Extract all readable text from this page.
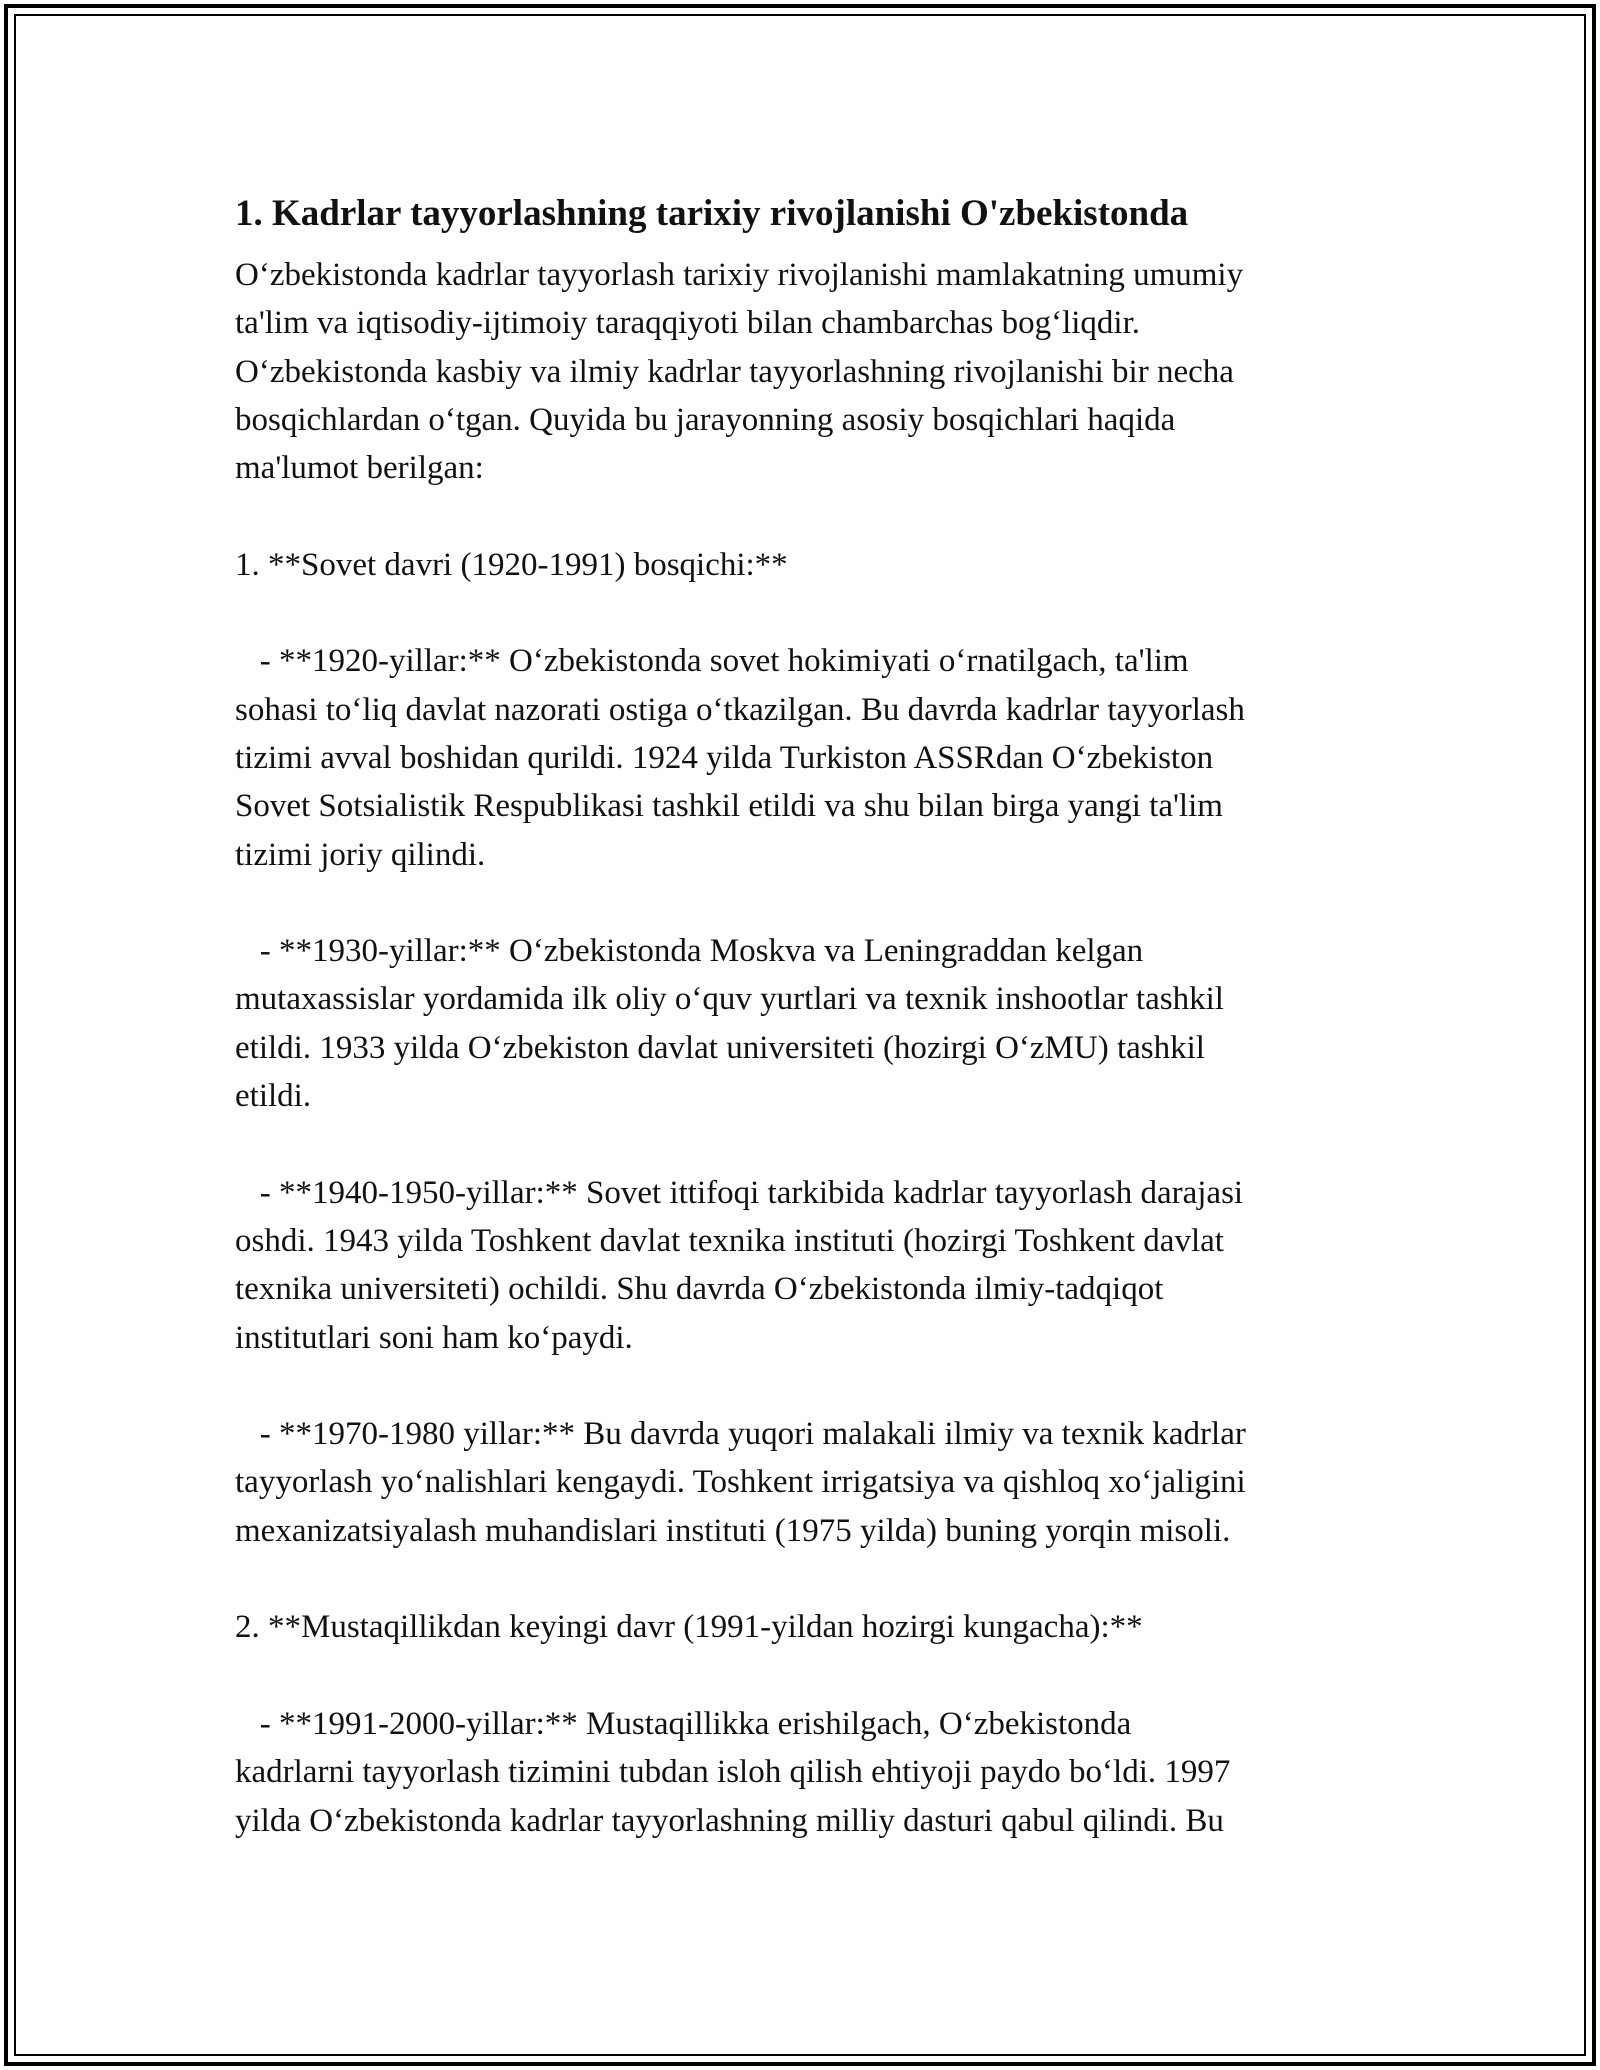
1. Kadrlar tayyorlashning tarixiy rivojlanishi O'zbekistonda

O‘zbekistonda kadrlar tayyorlash tarixiy rivojlanishi mamlakatning umumiy

ta'lim va iqtisodiy-ijtimoiy taraqqiyoti bilan chambarchas bog‘liqdir.

O‘zbekistonda kasbiy va ilmiy kadrlar tayyorlashning rivojlanishi bir necha

bosqichlardan o‘tgan. Quyida bu jarayonning asosiy bosqichlari haqida

ma'lumot berilgan:

1. **Sovet davri (1920-1991) bosqichi:**

- **1920-yillar:** O‘zbekistonda sovet hokimiyati o‘rnatilgach, ta'lim

sohasi to‘liq davlat nazorati ostiga o‘tkazilgan. Bu davrda kadrlar tayyorlash

tizimi avval boshidan qurildi. 1924 yilda Turkiston ASSRdan O‘zbekiston

Sovet Sotsialistik Respublikasi tashkil etildi va shu bilan birga yangi ta'lim

tizimi joriy qilindi.

- **1930-yillar:** O‘zbekistonda Moskva va Leningraddan kelgan

mutaxassislar yordamida ilk oliy o‘quv yurtlari va texnik inshootlar tashkil

etildi. 1933 yilda O‘zbekiston davlat universiteti (hozirgi O‘zMU) tashkil

etildi.

- **1940-1950-yillar:** Sovet ittifoqi tarkibida kadrlar tayyorlash darajasi

oshdi. 1943 yilda Toshkent davlat texnika instituti (hozirgi Toshkent davlat

texnika universiteti) ochildi. Shu davrda O‘zbekistonda ilmiy-tadqiqot

institutlari soni ham ko‘paydi.

- **1970-1980 yillar:** Bu davrda yuqori malakali ilmiy va texnik kadrlar

tayyorlash yo‘nalishlari kengaydi. Toshkent irrigatsiya va qishloq xo‘jaligini

mexanizatsiyalash muhandislari instituti (1975 yilda) buning yorqin misoli.

2. **Mustaqillikdan keyingi davr (1991-yildan hozirgi kungacha):**

- **1991-2000-yillar:** Mustaqillikka erishilgach, O‘zbekistonda

kadrlarni tayyorlash tizimini tubdan isloh qilish ehtiyoji paydo bo‘ldi. 1997

yilda O‘zbekistonda kadrlar tayyorlashning milliy dasturi qabul qilindi. Bu
